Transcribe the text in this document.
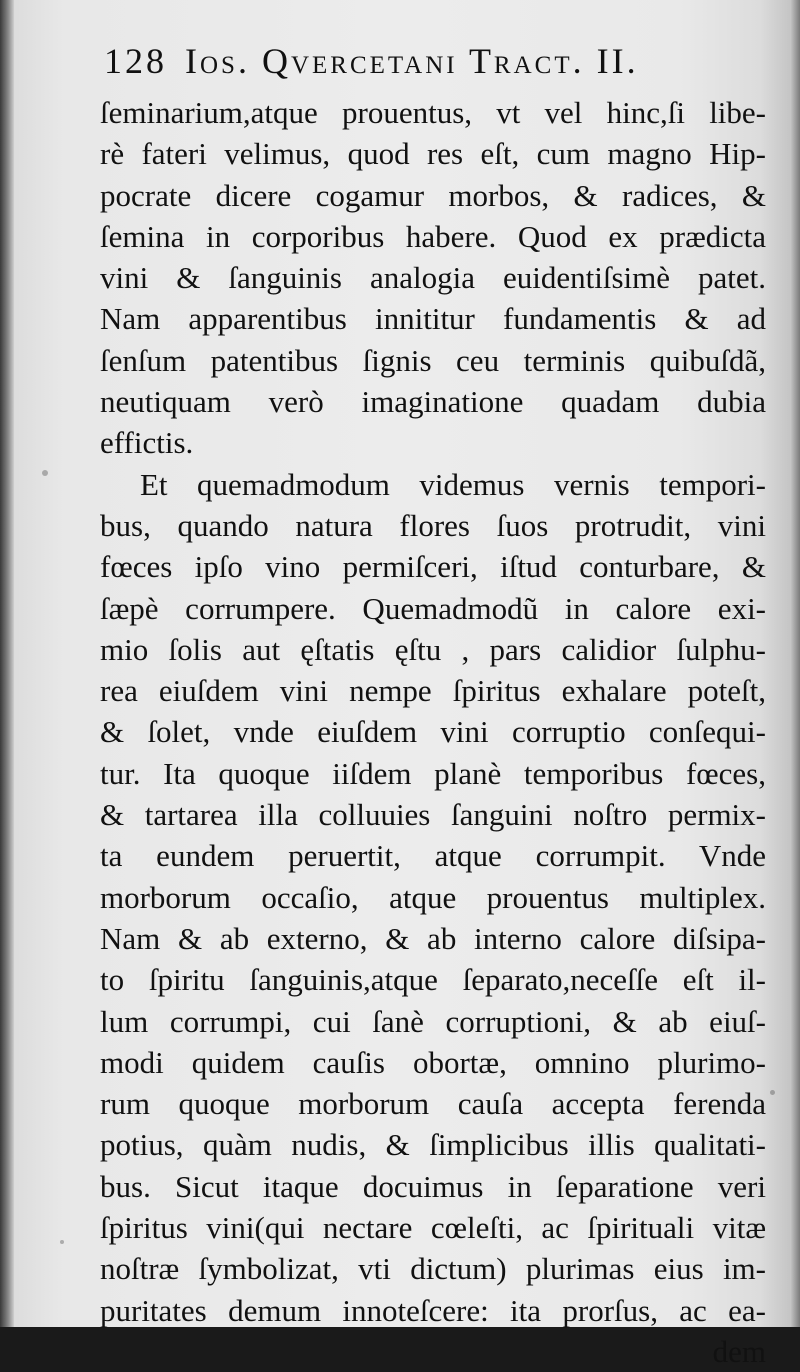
128 Ios. Qvercetani Tract. II.
ſeminarium,atque prouentus, vt vel hinc,ſi libe-
rè fateri velimus, quod res eſt, cum magno Hip-
pocrate dicere cogamur morbos, & radices, &
ſemina in corporibus habere. Quod ex prædicta
vini & ſanguinis analogia euidentiſsimè patet.
Nam apparentibus innititur fundamentis & ad
ſenſum patentibus ſignis ceu terminis quibuſdã,
neutiquam verò imaginatione quadam dubia
effictis.
Et quemadmodum videmus vernis tempori-
bus, quando natura flores ſuos protrudit, vini
fœces ipſo vino permiſceri, iſtud conturbare, &
ſæpè corrumpere. Quemadmodũ in calore exi-
mio ſolis aut ęſtatis ęſtu , pars calidior ſulphu-
rea eiuſdem vini nempe ſpiritus exhalare poteſt,
& ſolet, vnde eiuſdem vini corruptio conſequi-
tur. Ita quoque iiſdem planè temporibus fœces,
& tartarea illa colluuies ſanguini noſtro permix-
ta eundem peruertit, atque corrumpit. Vnde
morborum occaſio, atque prouentus multiplex.
Nam & ab externo, & ab interno calore diſsipa-
to ſpiritu ſanguinis,atque ſeparato,neceſſe eſt il-
lum corrumpi, cui ſanè corruptioni, & ab eiuſ-
modi quidem cauſis obortæ, omnino plurimo-
rum quoque morborum cauſa accepta ferenda
potius, quàm nudis, & ſimplicibus illis qualitati-
bus. Sicut itaque docuimus in ſeparatione veri
ſpiritus vini(qui nectare cœleſti, ac ſpirituali vitæ
noſtræ ſymbolizat, vti dictum) plurimas eius im-
puritates demum innoteſcere: ita prorſus, ac ea-
dem
